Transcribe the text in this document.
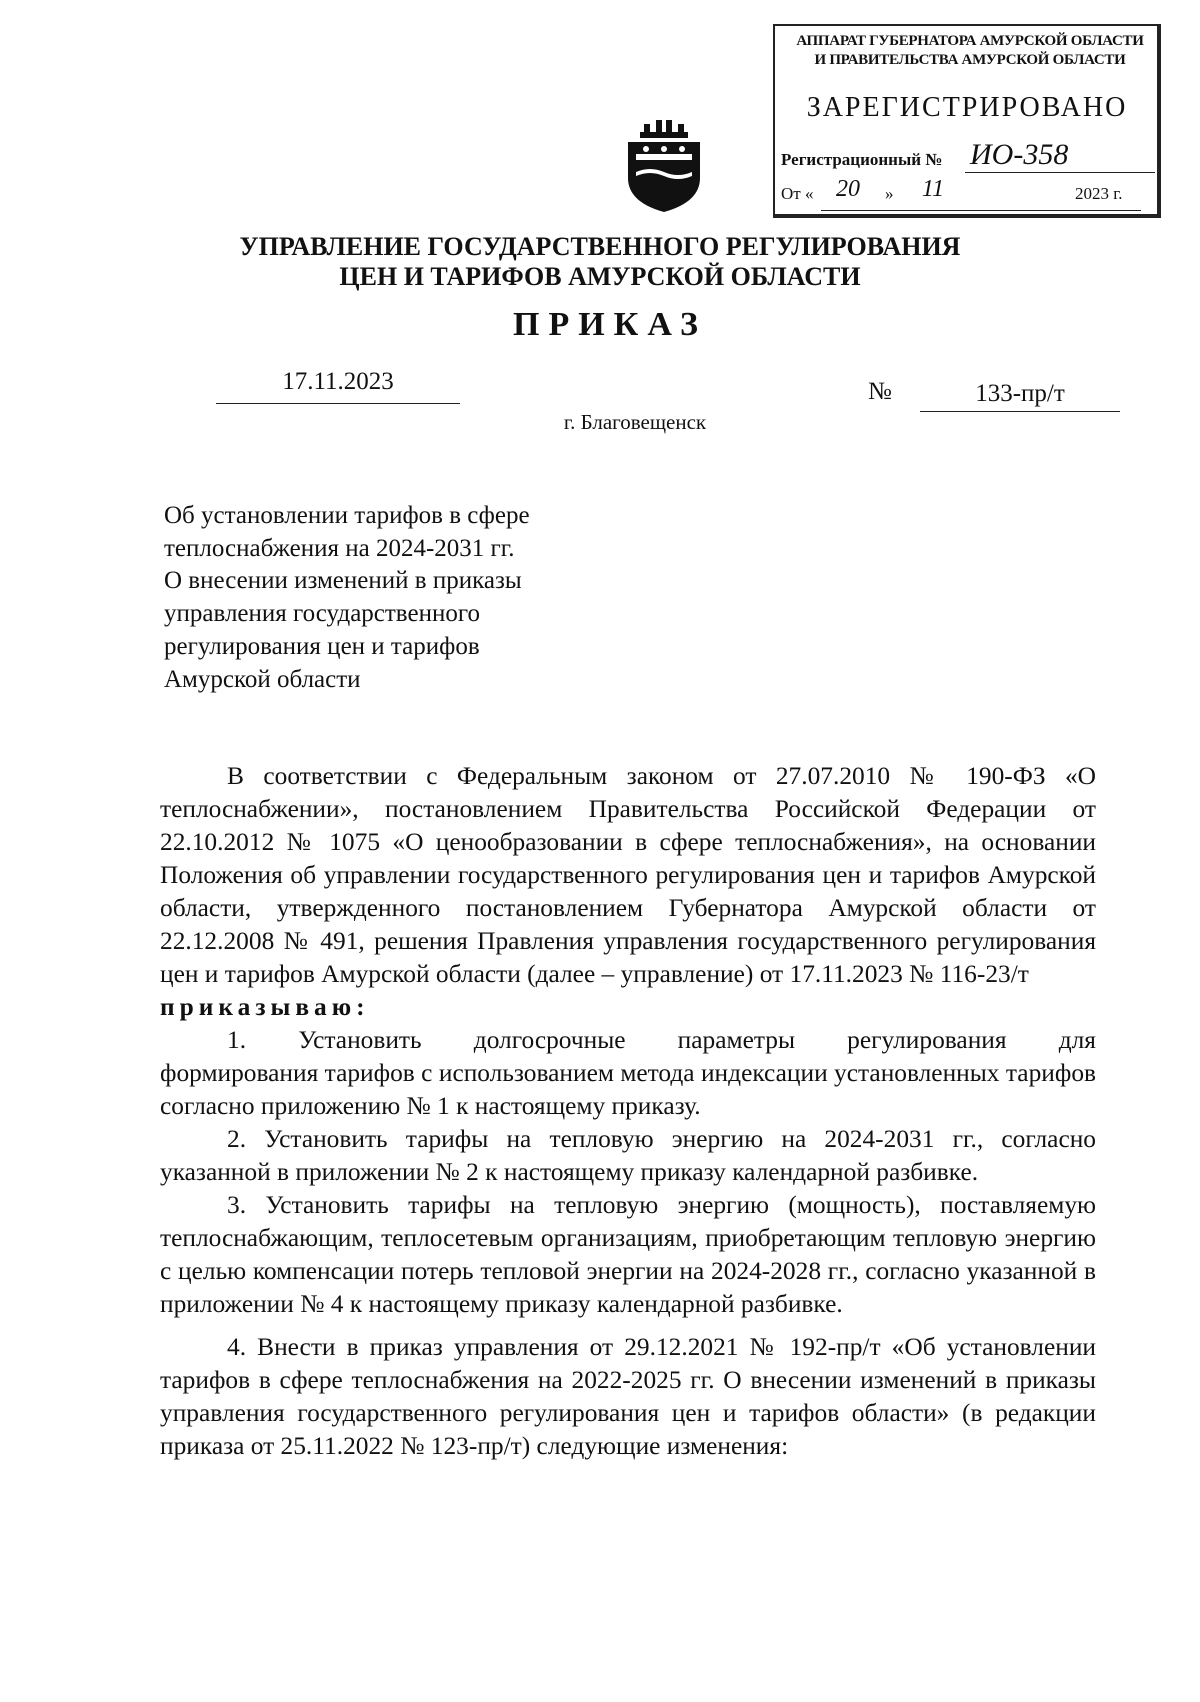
АППАРАТ ГУБЕРНАТОРА АМУРСКОЙ ОБЛАСТИ
И ПРАВИТЕЛЬСТВА АМУРСКОЙ ОБЛАСТИ
ЗАРЕГИСТРИРОВАНО
Регистрационный № ИО-358
От « 20	»	11	2023 г.
УПРАВЛЕНИЕ ГОСУДАРСТВЕННОГО РЕГУЛИРОВАНИЯ
ЦЕН И ТАРИФОВ АМУРСКОЙ ОБЛАСТИ
ПРИКАЗ
17.11.2023	№	133-пр/т
г. Благовещенск
Об установлении тарифов в сфере
теплоснабжения на 2024-2031 гг.
О внесении изменений в приказы
управления государственного
регулирования цен и тарифов
Амурской области

В соответствии с Федеральным законом от 27.07.2010 № 190-ФЗ «О теплоснабжении», постановлением Правительства Российской Федерации от 22.10.2012 № 1075 «О ценообразовании в сфере теплоснабжения», на основании Положения об управлении государственного регулирования цен и тарифов Амурской области, утвержденного постановлением Губернатора Амурской области от 22.12.2008 № 491, решения Правления управления государственного регулирования цен и тарифов Амурской области (далее – управление) от 17.11.2023 № 116-23/т

приказываю:

1. Установить долгосрочные параметры регулирования для

формирования тарифов с использованием метода индексации установленных тарифов согласно приложению № 1 к настоящему приказу.

2. Установить тарифы на тепловую энергию на 2024-2031 гг., согласно указанной в приложении № 2 к настоящему приказу календарной разбивке.

3. Установить тарифы на тепловую энергию (мощность), поставляемую теплоснабжающим, теплосетевым организациям, приобретающим тепловую энергию с целью компенсации потерь тепловой энергии на 2024-2028 гг., согласно указанной в приложении № 4 к настоящему приказу календарной разбивке.

4. Внести в приказ управления от 29.12.2021 № 192-пр/т «Об установлении тарифов в сфере теплоснабжения на 2022-2025 гг. О внесении изменений в приказы управления государственного регулирования цен и тарифов области» (в редакции приказа от 25.11.2022 № 123-пр/т) следующие изменения:
